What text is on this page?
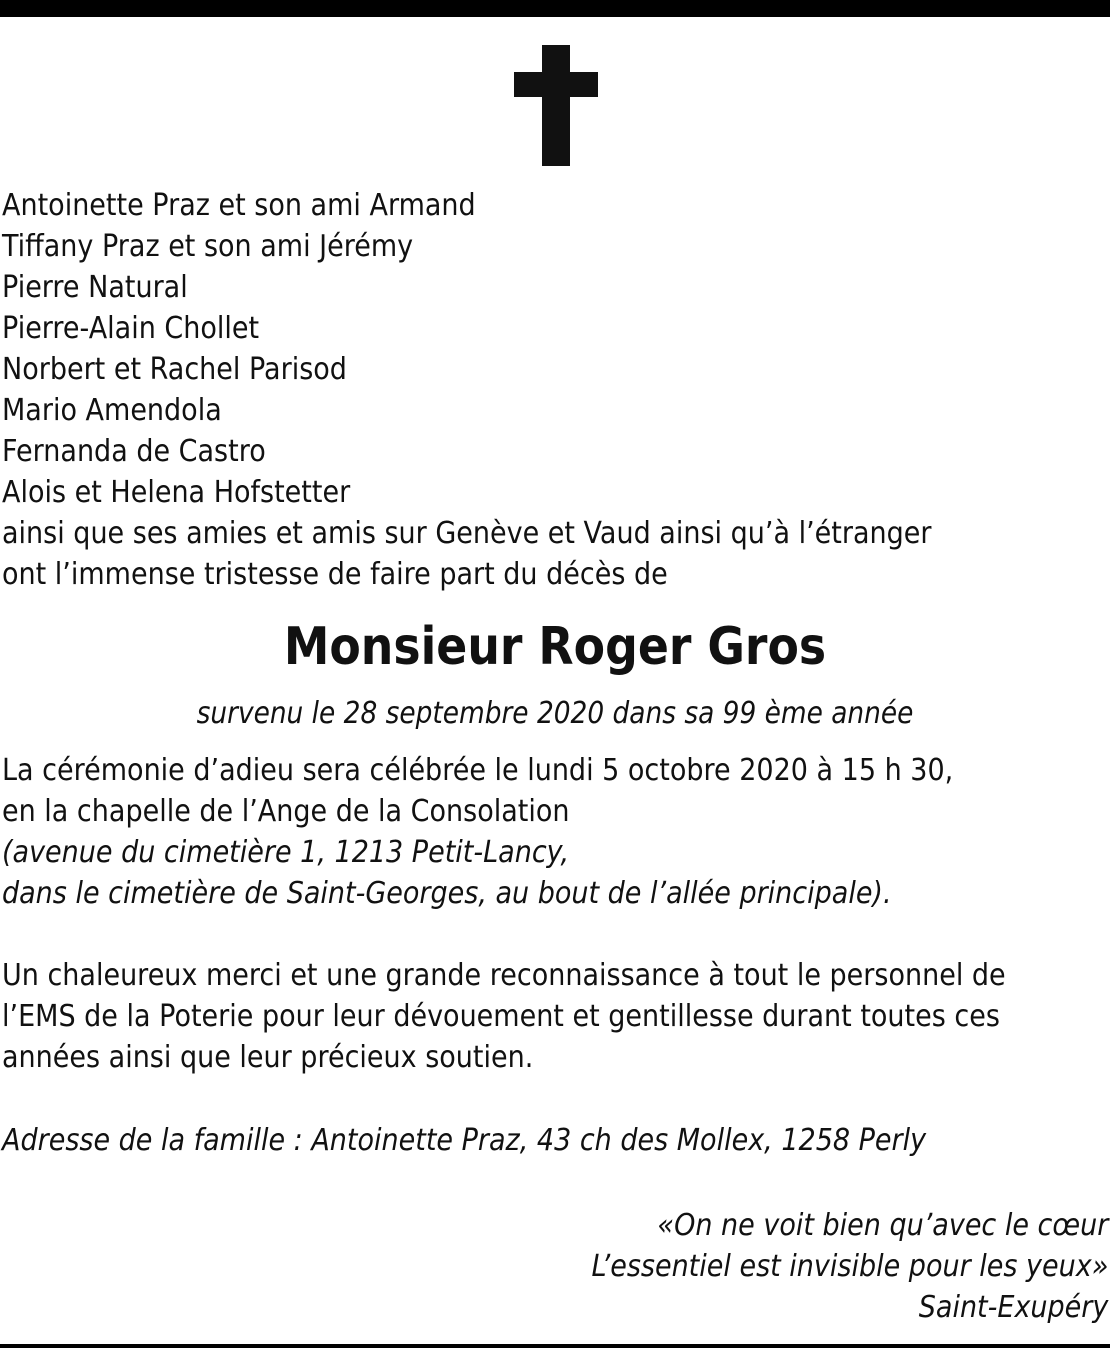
Antoinette Praz et son ami Armand
Tiffany Praz et son ami Jérémy
Pierre Natural
Pierre-Alain Chollet
Norbert et Rachel Parisod
Mario Amendola
Fernanda de Castro
Alois et Helena Hofstetter
ainsi que ses amies et amis sur Genève et Vaud ainsi qu’à l’étranger
ont l’immense tristesse de faire part du décès de
Monsieur Roger Gros
survenu le 28 septembre 2020 dans sa 99 ème année
La cérémonie d’adieu sera célébrée le lundi 5 octobre 2020 à 15 h 30,
en la chapelle de l’Ange de la Consolation
(avenue du cimetière 1, 1213 Petit-Lancy,
dans le cimetière de Saint-Georges, au bout de l’allée principale).
Un chaleureux merci et une grande reconnaissance à tout le personnel de
l’EMS de la Poterie pour leur dévouement et gentillesse durant toutes ces
années ainsi que leur précieux soutien.
Adresse de la famille : Antoinette Praz, 43 ch des Mollex, 1258 Perly
«On ne voit bien qu’avec le cœur
L’essentiel est invisible pour les yeux»
Saint-Exupéry
